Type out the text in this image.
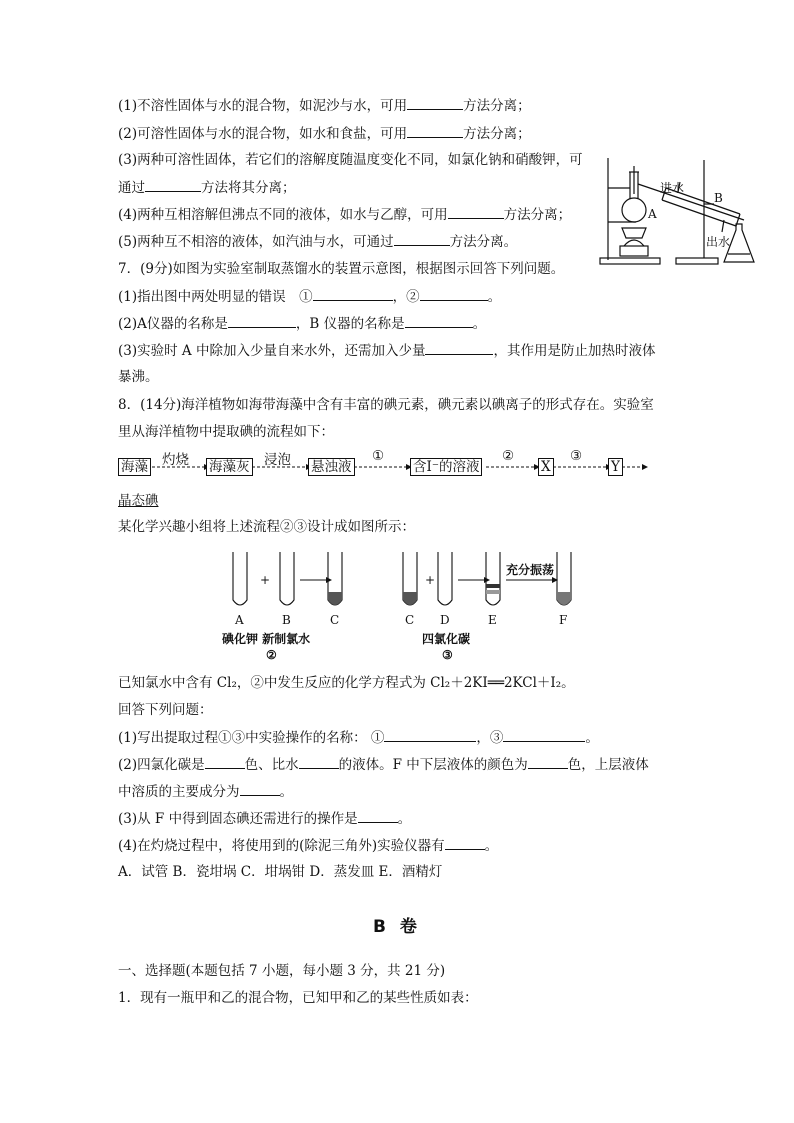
(1)不溶性固体与水的混合物，如泥沙与水，可用	方法分离；
(2)可溶性固体与水的混合物，如水和食盐，可用	方法分离；
(3)两种可溶性固体，若它们的溶解度随温度变化不同，如氯化钠和硝酸钾，可
通过	方法将其分离；
(4)两种互相溶解但沸点不同的液体，如水与乙醇，可用	方法分离；
(5)两种互不相溶的液体，如汽油与水，可通过	方法分离。
进水
B
A
出水
7．(9分)如图为实验室制取蒸馏水的装置示意图，根据图示回答下列问题。
(1)指出图中两处明显的错误　①	，②	。
(2)A仪器的名称是	，B 仪器的名称是	。
(3)实验时 A 中除加入少量自来水外，还需加入少量	，其作用是防止加热时液体
暴沸。
8．(14分)海洋植物如海带海藻中含有丰富的碘元素，碘元素以碘离子的形式存在。实验室
里从海洋植物中提取碘的流程如下：
海藻 灼烧 海藻灰 浸泡 悬浊液
①
含I⁻的溶液
②
X
③
Y
晶态碘
某化学兴趣小组将上述流程②③设计成如图所示：
A	B	C	C D	E	F
+	+
充分振荡
碘化钾 新制氯水
②
四氯化碳
③
已知氯水中含有 Cl₂，②中发生反应的化学方程式为 Cl₂＋2KI══2KCl＋I₂。
回答下列问题：
(1)写出提取过程①③中实验操作的名称： ①	，③	。
(2)四氯化碳是	色、比水	的液体。F 中下层液体的颜色为	色，上层液体
中溶质的主要成分为	。
(3)从 F 中得到固态碘还需进行的操作是	。
(4)在灼烧过程中，将使用到的(除泥三角外)实验仪器有	。
A．试管 B．瓷坩埚 C．坩埚钳 D．蒸发皿 E．酒精灯
B 卷
一、选择题(本题包括 7 小题，每小题 3 分，共 21 分)
1．现有一瓶甲和乙的混合物，已知甲和乙的某些性质如表：
